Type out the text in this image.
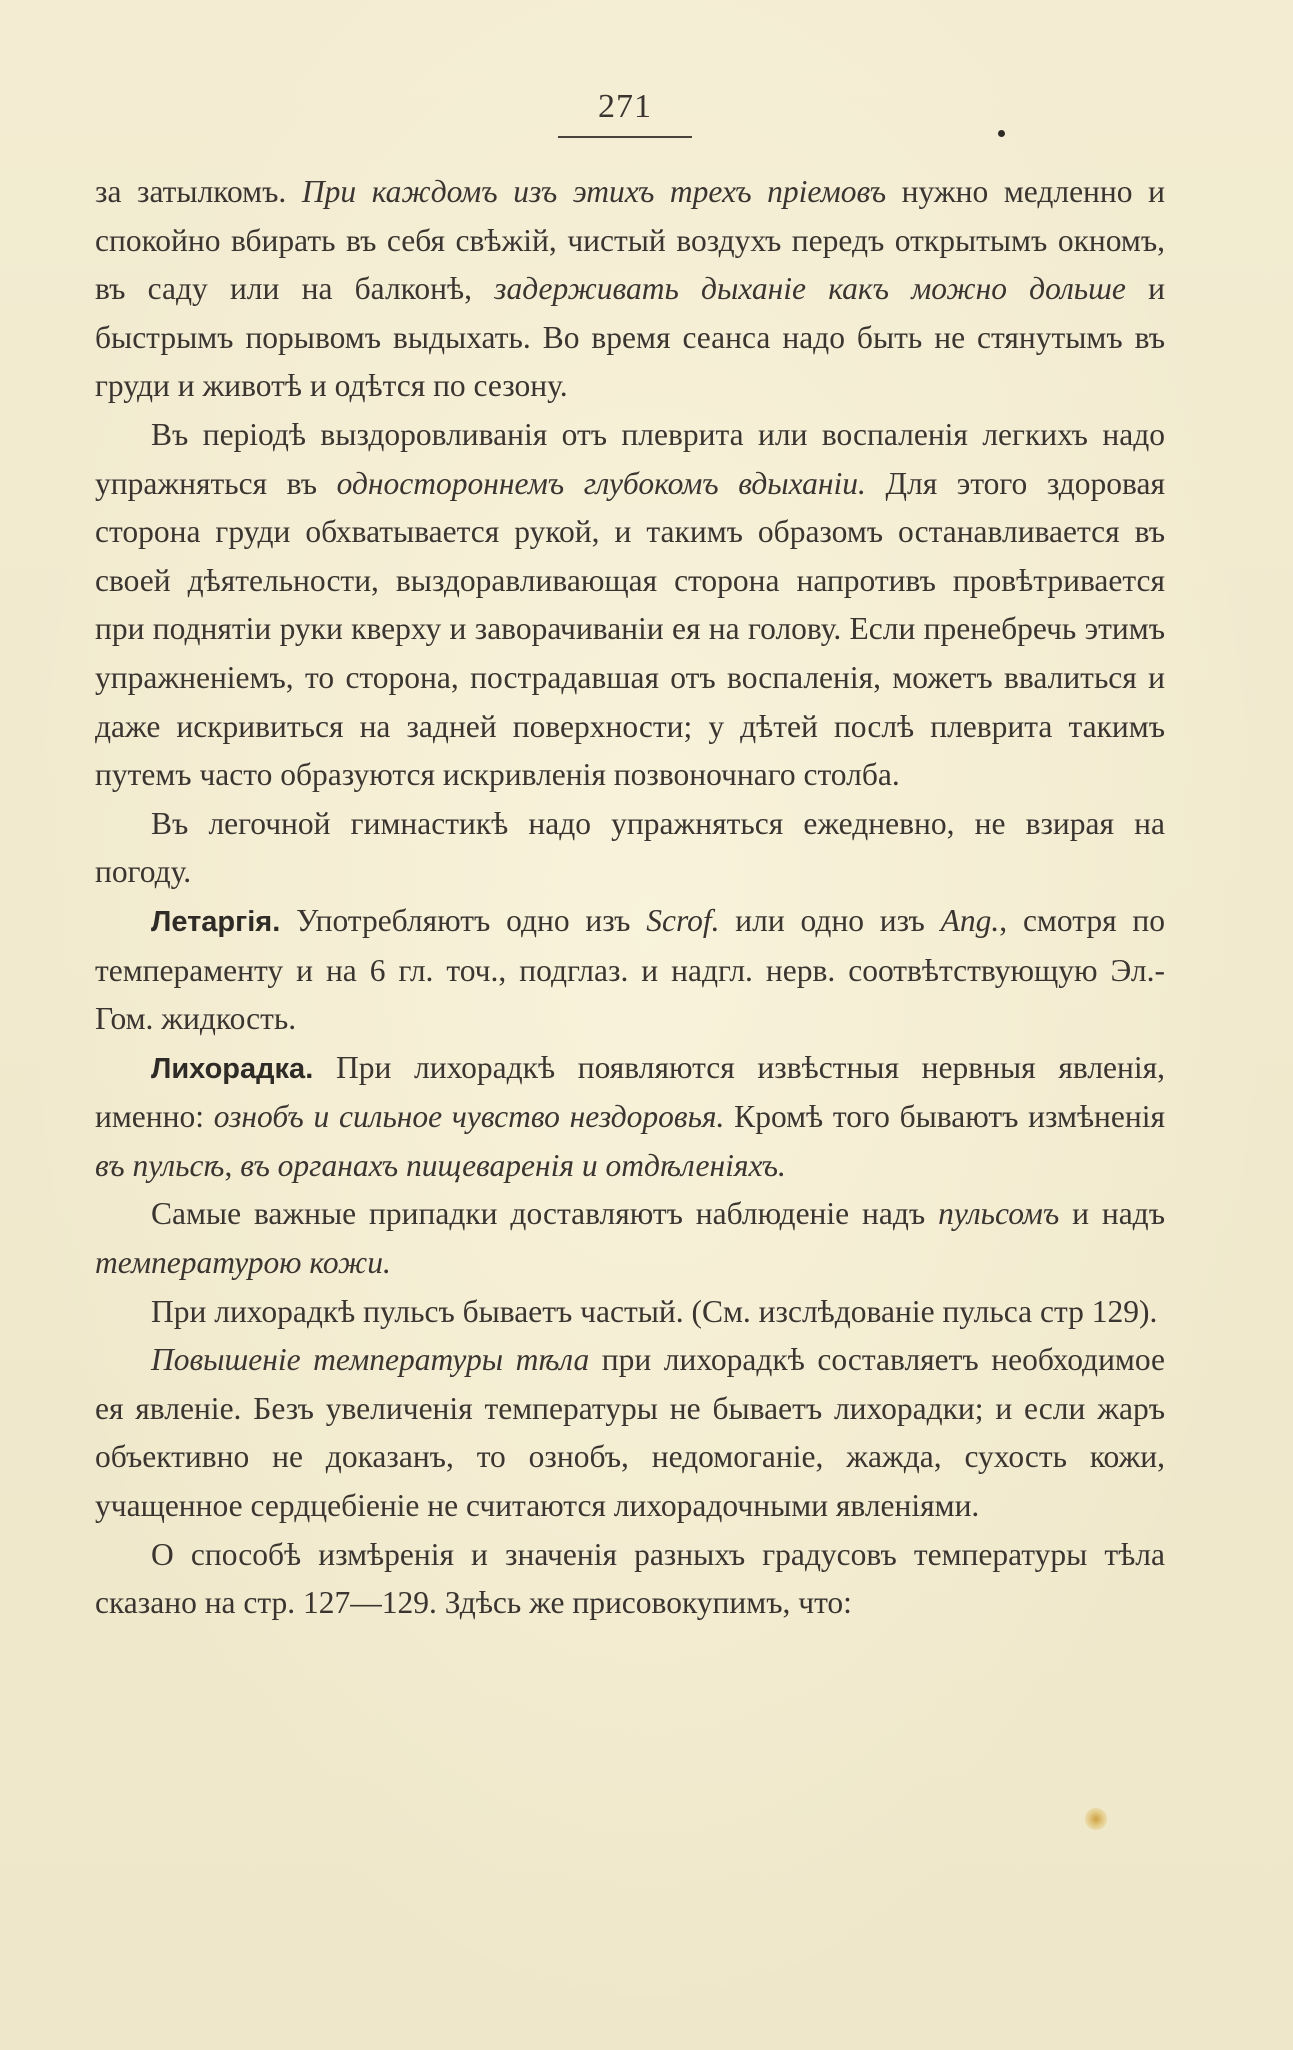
271

за затылкомъ. При каждомъ изъ этихъ трехъ пріемовъ нужно медленно и спокойно вбирать въ себя свѣжій, чистый воздухъ передъ открытымъ окномъ, въ саду или на балконѣ, задерживать дыханіе какъ можно дольше и быстрымъ порывомъ выдыхать. Во время сеанса надо быть не стянутымъ въ груди и животѣ и одѣтся по сезону.

Въ періодѣ выздоровливанія отъ плеврита или воспаленія легкихъ надо упражняться въ одностороннемъ глубокомъ вдыханіи. Для этого здоровая сторона груди обхватывается рукой, и такимъ образомъ останавливается въ своей дѣятельности, выздоравливающая сторона напротивъ провѣтривается при поднятіи руки кверху и заворачиваніи ея на голову. Если пренебречь этимъ упражненіемъ, то сторона, пострадавшая отъ воспаленія, можетъ ввалиться и даже искривиться на задней поверхности; у дѣтей послѣ плеврита такимъ путемъ часто образуются искривленія позвоночнаго столба.

Въ легочной гимнастикѣ надо упражняться ежедневно, не взирая на погоду.

Летаргія. Употребляютъ одно изъ Scrof. или одно изъ Ang., смотря по темпераменту и на 6 гл. точ., подглаз. и надгл. нерв. соотвѣтствующую Эл.-Гом. жидкость.

Лихорадка. При лихорадкѣ появляются извѣстныя нервныя явленія, именно: ознобъ и сильное чувство нездоровья. Кромѣ того бываютъ измѣненія въ пульсѣ, въ органахъ пищеваренія и отдѣленіяхъ.

Самые важные припадки доставляютъ наблюденіе надъ пульсомъ и надъ температурою кожи.

При лихорадкѣ пульсъ бываетъ частый. (См. изслѣдованіе пульса стр 129).

Повышеніе температуры тѣла при лихорадкѣ составляетъ необходимое ея явленіе. Безъ увеличенія температуры не бываетъ лихорадки; и если жаръ объективно не доказанъ, то ознобъ, недомоганіе, жажда, сухость кожи, учащенное сердцебіеніе не считаются лихорадочными явленіями.

О способѣ измѣренія и значенія разныхъ градусовъ температуры тѣла сказано на стр. 127—129. Здѣсь же присовокупимъ, что:
